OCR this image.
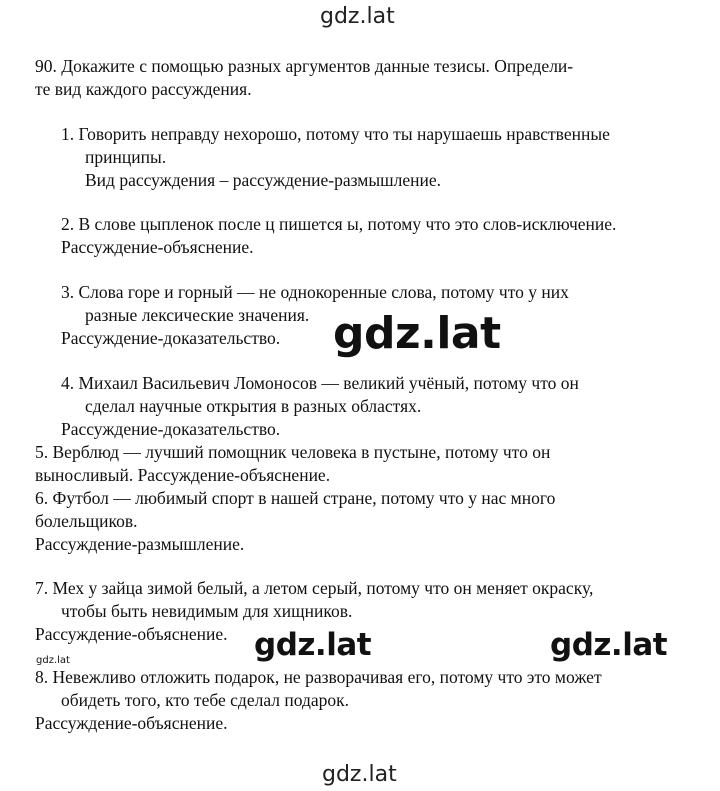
gdz.lat
gdz.lat
gdz.lat	gdz.lat
gdz.lat
gdz.lat
90. Докажите с помощью разных аргументов данные тезисы. Определи-
те вид каждого рассуждения.
1. Говорить неправду нехорошо, потому что ты нарушаешь нравственные
принципы.
Вид рассуждения – рассуждение-размышление.
2. В слове цыпленок после ц пишется ы, потому что это слов-исключение.
Рассуждение-объяснение.
3. Слова горе и горный — не однокоренные слова, потому что у них
разные лексические значения.
Рассуждение-доказательство.
4. Михаил Васильевич Ломоносов — великий учёный, потому что он
сделал научные открытия в разных областях.
Рассуждение-доказательство.
5. Верблюд — лучший помощник человека в пустыне, потому что он
выносливый. Рассуждение-объяснение.
6. Футбол — любимый спорт в нашей стране, потому что у нас много
болельщиков.
Рассуждение-размышление.
7. Мех у зайца зимой белый, а летом серый, потому что он меняет окраску,
чтобы быть невидимым для хищников.
Рассуждение-объяснение.
8. Невежливо отложить подарок, не разворачивая его, потому что это может
обидеть того, кто тебе сделал подарок.
Рассуждение-объяснение.
